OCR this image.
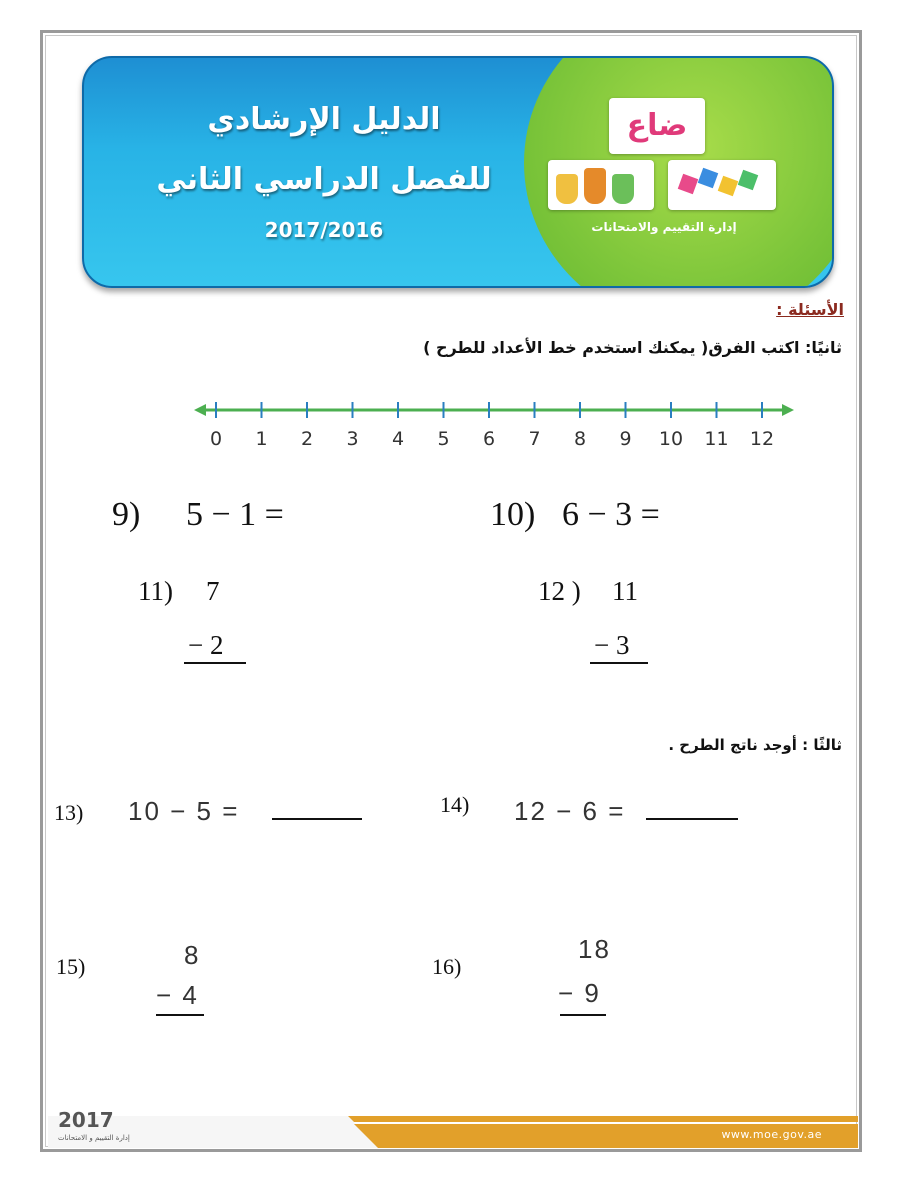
الدليل الإرشادي
للفصل الدراسي الثاني
2017/2016
ضاع
إدارة التقييم والامتحانات
الأسئلة :
ثانيًا: اكتب الفرق( يمكنك استخدم خط الأعداد للطرح )
0 1 2 3 4 5 6 7 8 9 10 11 12
9) 5 − 1 =	10) 6 − 3 =
11) 7
− 2
12 ) 11
− 3
ثالثًا : أوجد ناتج الطرح .
13) 10 − 5 =	14) 12 − 6 =
15)	8
− 4
16)
18
− 9
2017
إدارة التقييم و الامتحانات	www.moe.gov.ae
